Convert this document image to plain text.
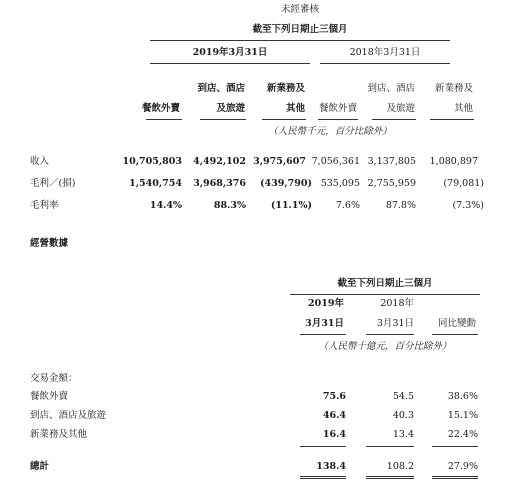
未經審核
截至下列日期止三個月
2019年3月31日	2018年3月31日
到店、酒店	新業務及	到店、酒店	新業務及
餐飲外賣	及旅遊	其他	餐飲外賣	及旅遊	其他
（人民幣千元，百分比除外）
收入	10,705,803	4,492,102 3,975,607 7,056,361 3,137,805	1,080,897
毛利／(損)	1,540,754	3,968,376	(439,790) 535,095 2,755,959	(79,081)
毛利率	14.4%	88.3%	(11.1%)	7.6%	87.8%	(7.3%)
經營數據
截至下列日期止三個月
2019年	2018年
3月31日	3月31日	同比變動
（人民幣十億元，百分比除外）
交易金額：
餐飲外賣	75.6	54.5	38.6%
到店、酒店及旅遊	46.4	40.3	15.1%
新業務及其他	16.4	13.4	22.4%
總計	138.4	108.2	27.9%
